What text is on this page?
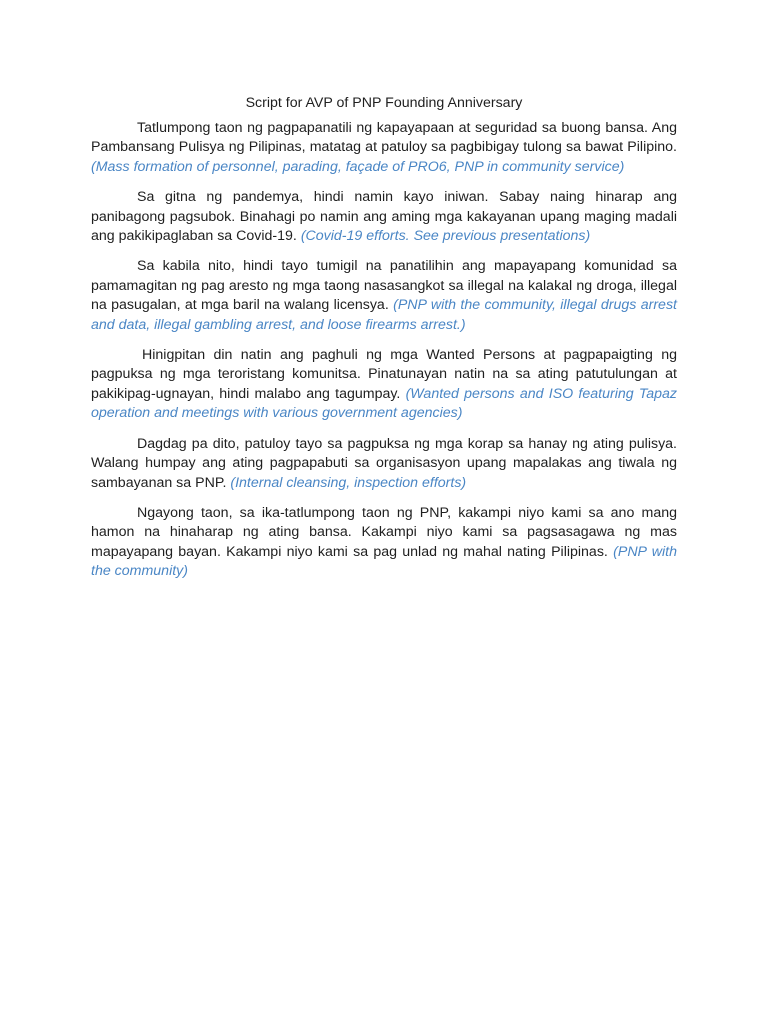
Script for AVP of PNP Founding Anniversary

Tatlumpong taon ng pagpapanatili ng kapayapaan at seguridad sa buong bansa. Ang Pambansang Pulisya ng Pilipinas, matatag at patuloy sa pagbibigay tulong sa bawat Pilipino. (Mass formation of personnel, parading, façade of PRO6, PNP in community service)

Sa gitna ng pandemya, hindi namin kayo iniwan. Sabay naing hinarap ang panibagong pagsubok. Binahagi po namin ang aming mga kakayanan upang maging madali ang pakikipaglaban sa Covid-19. (Covid-19 efforts. See previous presentations)

Sa kabila nito, hindi tayo tumigil na panatilihin ang mapayapang komunidad sa pamamagitan ng pag aresto ng mga taong nasasangkot sa illegal na kalakal ng droga, illegal na pasugalan, at mga baril na walang licensya. (PNP with the community, illegal drugs arrest and data, illegal gambling arrest, and loose firearms arrest.)

Hinigpitan din natin ang paghuli ng mga Wanted Persons at pagpapaigting ng pagpuksa ng mga teroristang komunitsa. Pinatunayan natin na sa ating patutulungan at pakikipag-ugnayan, hindi malabo ang tagumpay. (Wanted persons and ISO featuring Tapaz operation and meetings with various government agencies)

Dagdag pa dito, patuloy tayo sa pagpuksa ng mga korap sa hanay ng ating pulisya. Walang humpay ang ating pagpapabuti sa organisasyon upang mapalakas ang tiwala ng sambayanan sa PNP. (Internal cleansing, inspection efforts)

Ngayong taon, sa ika-tatlumpong taon ng PNP, kakampi niyo kami sa ano mang hamon na hinaharap ng ating bansa. Kakampi niyo kami sa pagsasagawa ng mas mapayapang bayan. Kakampi niyo kami sa pag unlad ng mahal nating Pilipinas. (PNP with the community)
